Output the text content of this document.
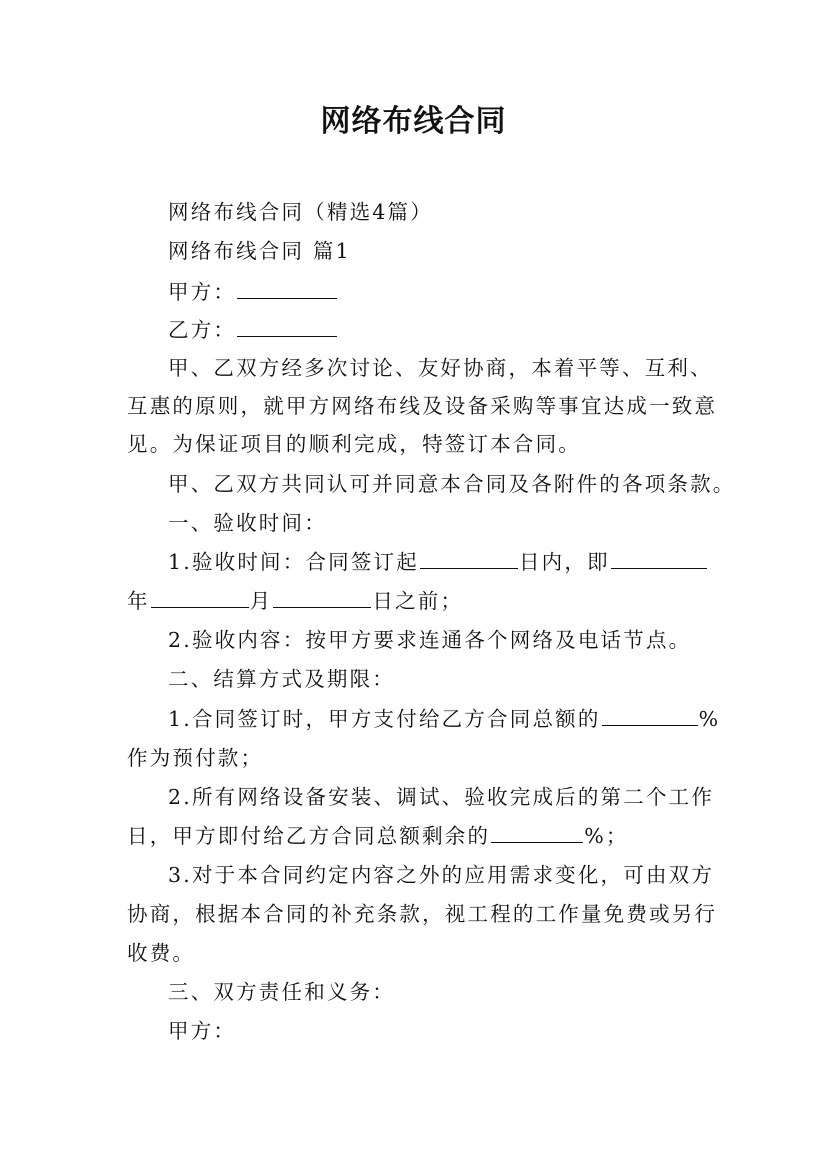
网络布线合同
网络布线合同（精选4篇）
网络布线合同 篇1
甲方：
乙方：
甲、乙双方经多次讨论、友好协商，本着平等、互利、
互惠的原则，就甲方网络布线及设备采购等事宜达成一致意
见。为保证项目的顺利完成，特签订本合同。
甲、乙双方共同认可并同意本合同及各附件的各项条款。
一、验收时间：
1.验收时间：合同签订起	日内，即
年	月	日之前；
2.验收内容：按甲方要求连通各个网络及电话节点。
二、结算方式及期限：
1.合同签订时，甲方支付给乙方合同总额的	%
作为预付款；
2.所有网络设备安装、调试、验收完成后的第二个工作
日，甲方即付给乙方合同总额剩余的	%；
3.对于本合同约定内容之外的应用需求变化，可由双方
协商，根据本合同的补充条款，视工程的工作量免费或另行
收费。
三、双方责任和义务：
甲方：
